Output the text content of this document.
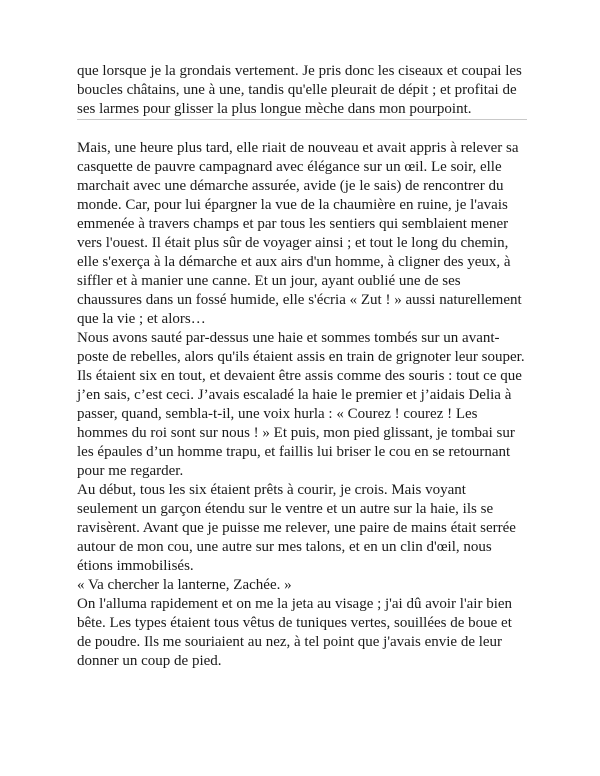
que lorsque je la grondais vertement. Je pris donc les ciseaux et coupai les boucles châtains, une à une, tandis qu'elle pleurait de dépit ; et profitai de ses larmes pour glisser la plus longue mèche dans mon pourpoint.

Mais, une heure plus tard, elle riait de nouveau et avait appris à relever sa casquette de pauvre campagnard avec élégance sur un œil. Le soir, elle marchait avec une démarche assurée, avide (je le sais) de rencontrer du monde. Car, pour lui épargner la vue de la chaumière en ruine, je l'avais emmenée à travers champs et par tous les sentiers qui semblaient mener vers l'ouest. Il était plus sûr de voyager ainsi ; et tout le long du chemin, elle s'exerça à la démarche et aux airs d'un homme, à cligner des yeux, à siffler et à manier une canne. Et un jour, ayant oublié une de ses chaussures dans un fossé humide, elle s'écria « Zut ! » aussi naturellement que la vie ; et alors…

Nous avons sauté par-dessus une haie et sommes tombés sur un avant-poste de rebelles, alors qu'ils étaient assis en train de grignoter leur souper.

Ils étaient six en tout, et devaient être assis comme des souris : tout ce que j’en sais, c’est ceci. J’avais escaladé la haie le premier et j’aidais Delia à passer, quand, sembla-t-il, une voix hurla : « Courez ! courez ! Les hommes du roi sont sur nous ! » Et puis, mon pied glissant, je tombai sur les épaules d’un homme trapu, et faillis lui briser le cou en se retournant pour me regarder.

Au début, tous les six étaient prêts à courir, je crois. Mais voyant seulement un garçon étendu sur le ventre et un autre sur la haie, ils se ravisèrent. Avant que je puisse me relever, une paire de mains était serrée autour de mon cou, une autre sur mes talons, et en un clin d'œil, nous étions immobilisés.

« Va chercher la lanterne, Zachée. »

On l'alluma rapidement et on me la jeta au visage ; j'ai dû avoir l'air bien bête. Les types étaient tous vêtus de tuniques vertes, souillées de boue et de poudre. Ils me souriaient au nez, à tel point que j'avais envie de leur donner un coup de pied.
